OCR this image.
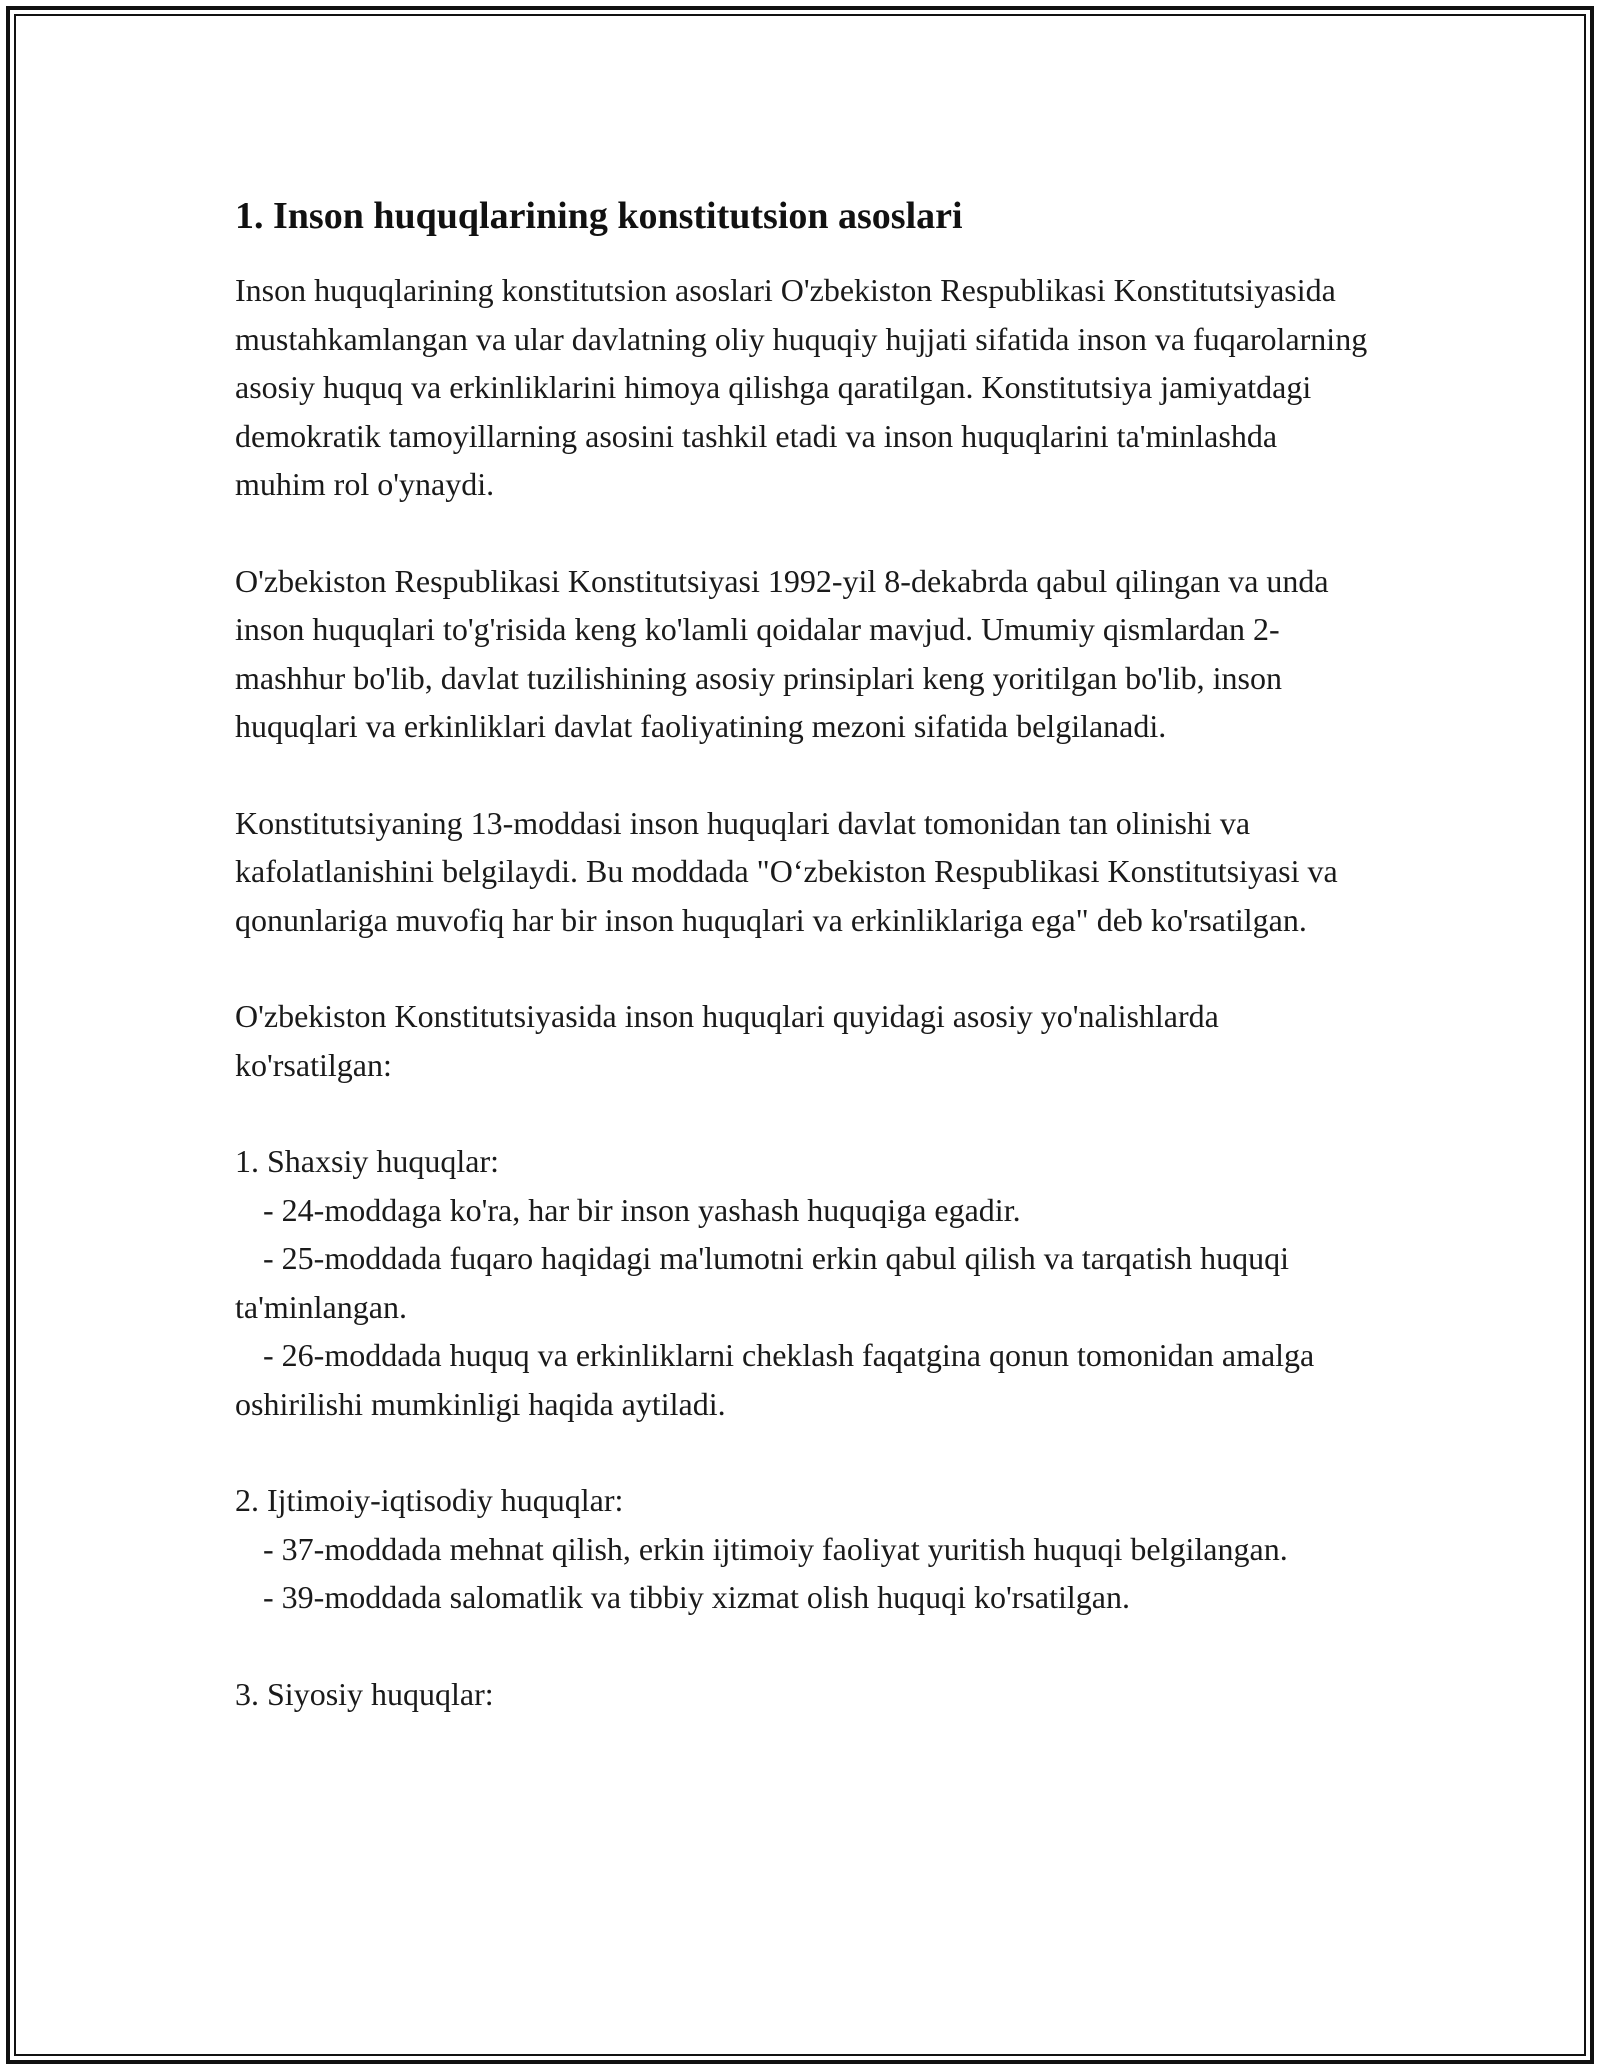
1. Inson huquqlarining konstitutsion asoslari

Inson huquqlarining konstitutsion asoslari O'zbekiston Respublikasi Konstitutsiyasida mustahkamlangan va ular davlatning oliy huquqiy hujjati sifatida inson va fuqarolarning asosiy huquq va erkinliklarini himoya qilishga qaratilgan. Konstitutsiya jamiyatdagi demokratik tamoyillarning asosini tashkil etadi va inson huquqlarini ta'minlashda muhim rol o'ynaydi.

O'zbekiston Respublikasi Konstitutsiyasi 1992-yil 8-dekabrda qabul qilingan va unda inson huquqlari to'g'risida keng ko'lamli qoidalar mavjud. Umumiy qismlardan 2-mashhur bo'lib, davlat tuzilishining asosiy prinsiplari keng yoritilgan bo'lib, inson huquqlari va erkinliklari davlat faoliyatining mezoni sifatida belgilanadi.

Konstitutsiyaning 13-moddasi inson huquqlari davlat tomonidan tan olinishi va kafolatlanishini belgilaydi. Bu moddada "O‘zbekiston Respublikasi Konstitutsiyasi va qonunlariga muvofiq har bir inson huquqlari va erkinliklariga ega" deb ko'rsatilgan.

O'zbekiston Konstitutsiyasida inson huquqlari quyidagi asosiy yo'nalishlarda ko'rsatilgan:

1. Shaxsiy huquqlar:
- 24-moddaga ko'ra, har bir inson yashash huquqiga egadir.
- 25-moddada fuqaro haqidagi ma'lumotni erkin qabul qilish va tarqatish huquqi ta'minlangan.
- 26-moddada huquq va erkinliklarni cheklash faqatgina qonun tomonidan amalga oshirilishi mumkinligi haqida aytiladi.
2. Ijtimoiy-iqtisodiy huquqlar:
- 37-moddada mehnat qilish, erkin ijtimoiy faoliyat yuritish huquqi belgilangan.
- 39-moddada salomatlik va tibbiy xizmat olish huquqi ko'rsatilgan.
3. Siyosiy huquqlar:
